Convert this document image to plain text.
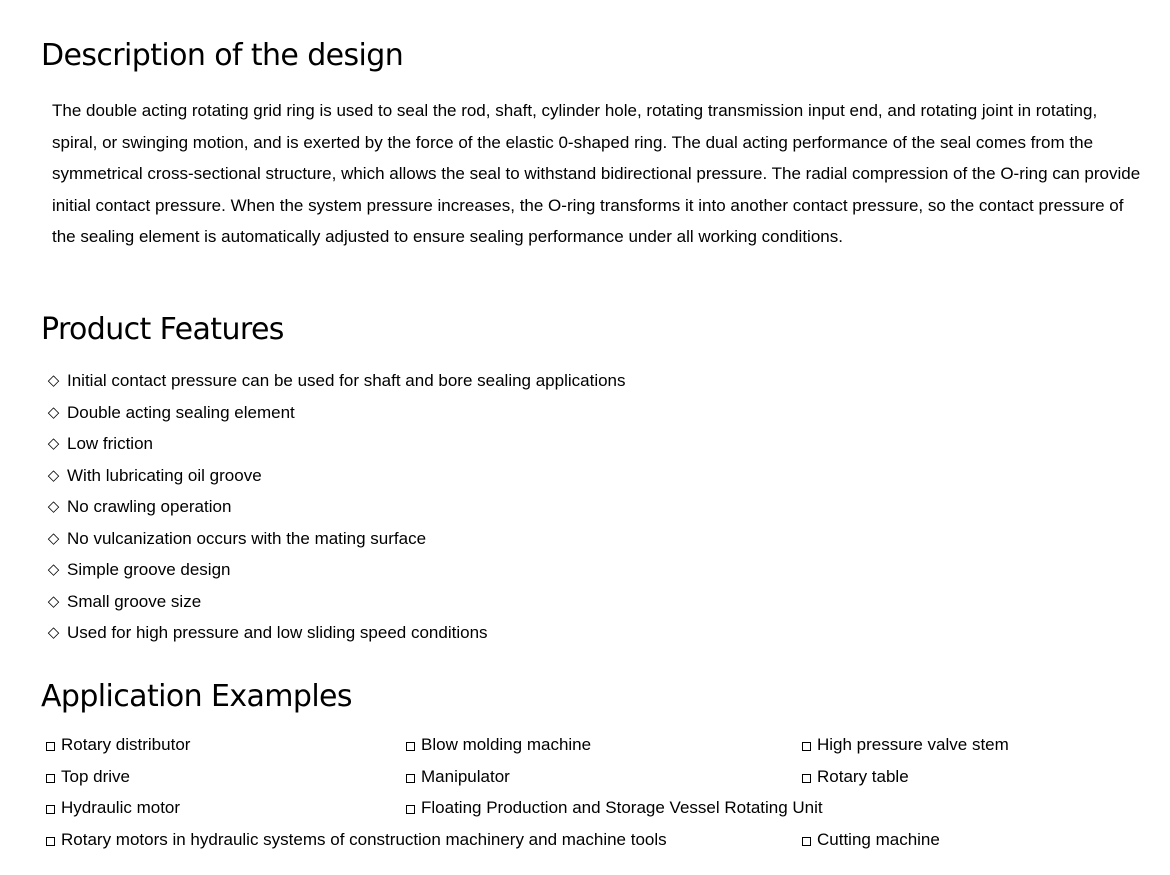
Description of the design

The double acting rotating grid ring is used to seal the rod, shaft, cylinder hole, rotating transmission input end, and rotating joint in rotating, spiral, or swinging motion, and is exerted by the force of the elastic 0-shaped ring. The dual acting performance of the seal comes from the symmetrical cross-sectional structure, which allows the seal to withstand bidirectional pressure. The radial compression of the O-ring can provide initial contact pressure. When the system pressure increases, the O-ring transforms it into another contact pressure, so the contact pressure of the sealing element is automatically adjusted to ensure sealing performance under all working conditions.

Product Features
◇ Initial contact pressure can be used for shaft and bore sealing applications
◇ Double acting sealing element
◇ Low friction
◇ With lubricating oil groove
◇ No crawling operation
◇ No vulcanization occurs with the mating surface
◇ Simple groove design
◇ Small groove size
◇ Used for high pressure and low sliding speed conditions
Application Examples
Rotary distributor	Blow molding machine	High pressure valve stem
Top drive	Manipulator	Rotary table
Hydraulic motor	Floating Production and Storage Vessel Rotating Unit
Rotary motors in hydraulic systems of construction machinery and machine tools	Cutting machine
